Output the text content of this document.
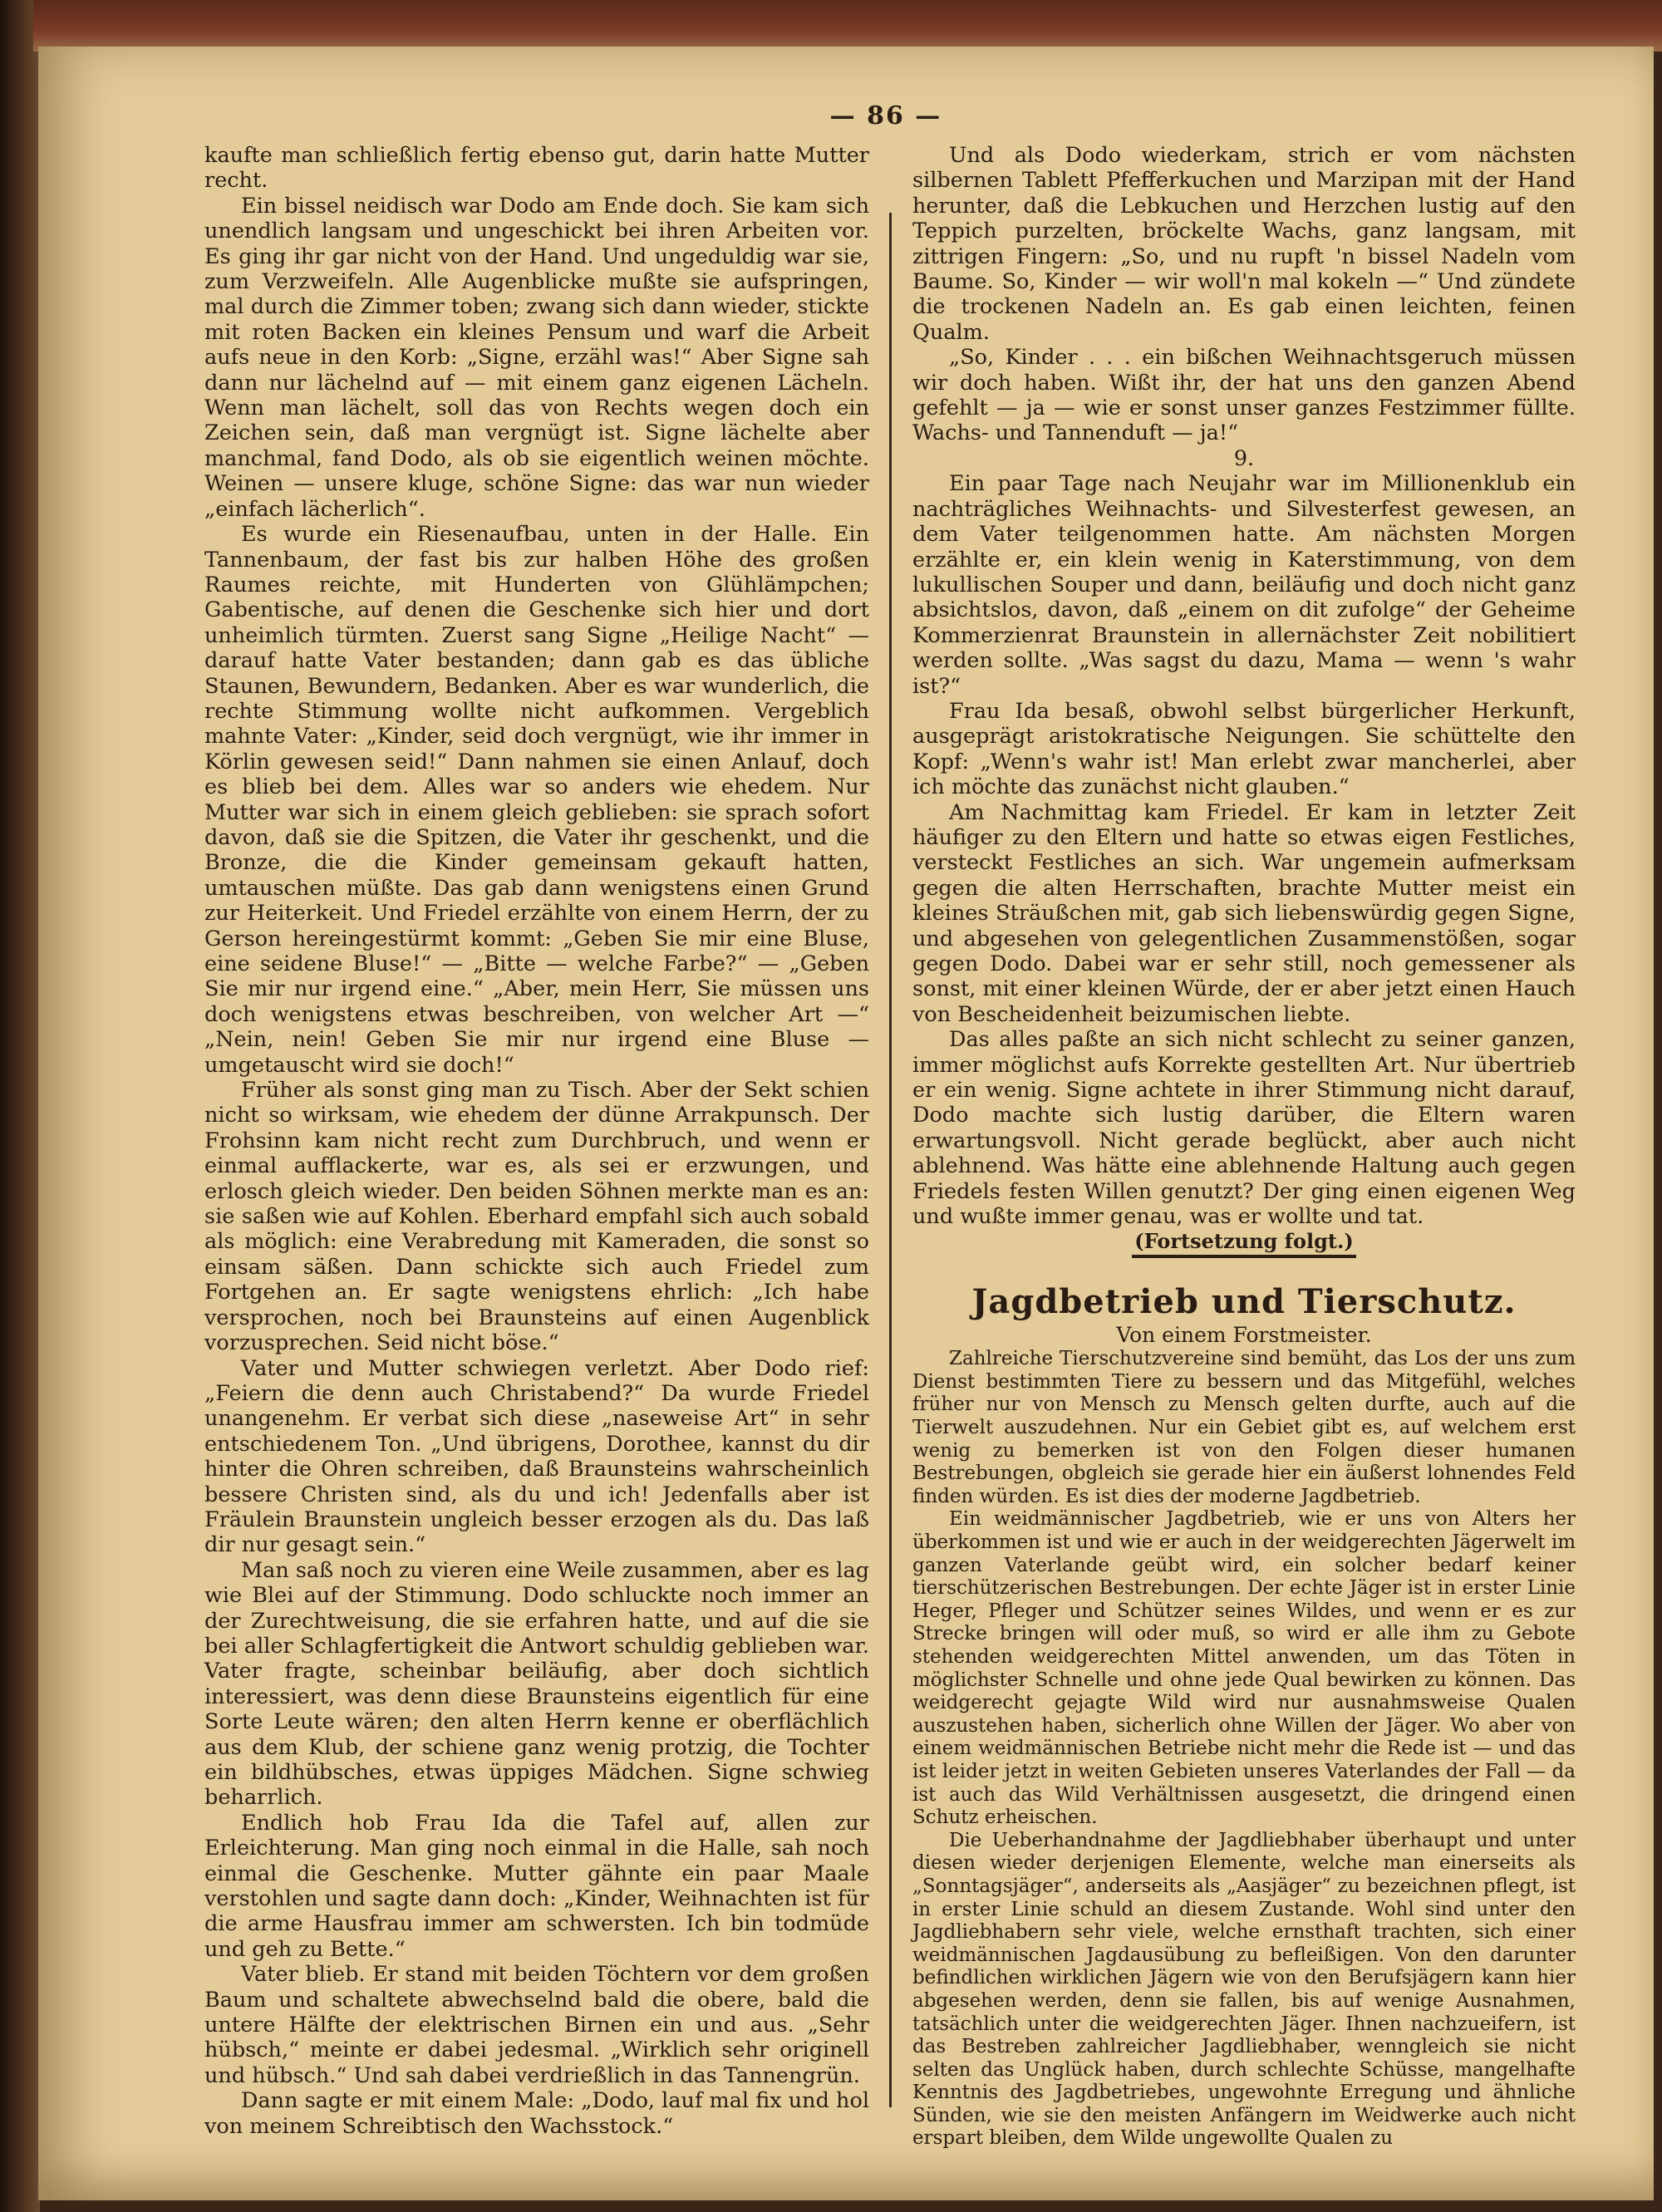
— 86 —

kaufte man schließlich fertig ebenso gut, darin hatte Mutter recht.

Ein bissel neidisch war Dodo am Ende doch. Sie kam sich unendlich langsam und ungeschickt bei ihren Arbeiten vor. Es ging ihr gar nicht von der Hand. Und ungeduldig war sie, zum Verzweifeln. Alle Augenblicke mußte sie aufspringen, mal durch die Zimmer toben; zwang sich dann wieder, stickte mit roten Backen ein kleines Pensum und warf die Arbeit aufs neue in den Korb: „Signe, erzähl was!“ Aber Signe sah dann nur lächelnd auf — mit einem ganz eigenen Lächeln. Wenn man lächelt, soll das von Rechts wegen doch ein Zeichen sein, daß man vergnügt ist. Signe lächelte aber manchmal, fand Dodo, als ob sie eigentlich weinen möchte. Weinen — unsere kluge, schöne Signe: das war nun wieder „einfach lächerlich“.

Es wurde ein Riesenaufbau, unten in der Halle. Ein Tannenbaum, der fast bis zur halben Höhe des großen Raumes reichte, mit Hunderten von Glühlämpchen; Gabentische, auf denen die Geschenke sich hier und dort unheimlich türmten. Zuerst sang Signe „Heilige Nacht“ — darauf hatte Vater bestanden; dann gab es das übliche Staunen, Bewundern, Bedanken. Aber es war wunderlich, die rechte Stimmung wollte nicht aufkommen. Vergeblich mahnte Vater: „Kinder, seid doch vergnügt, wie ihr immer in Körlin gewesen seid!“ Dann nahmen sie einen Anlauf, doch es blieb bei dem. Alles war so anders wie ehedem. Nur Mutter war sich in einem gleich geblieben: sie sprach sofort davon, daß sie die Spitzen, die Vater ihr geschenkt, und die Bronze, die die Kinder gemeinsam gekauft hatten, umtauschen müßte. Das gab dann wenigstens einen Grund zur Heiterkeit. Und Friedel erzählte von einem Herrn, der zu Gerson hereingestürmt kommt: „Geben Sie mir eine Bluse, eine seidene Bluse!“ — „Bitte — welche Farbe?“ — „Geben Sie mir nur irgend eine.“ „Aber, mein Herr, Sie müssen uns doch wenigstens etwas beschreiben, von welcher Art —“ „Nein, nein! Geben Sie mir nur irgend eine Bluse — umgetauscht wird sie doch!“

Früher als sonst ging man zu Tisch. Aber der Sekt schien nicht so wirksam, wie ehedem der dünne Arrakpunsch. Der Frohsinn kam nicht recht zum Durchbruch, und wenn er einmal aufflackerte, war es, als sei er erzwungen, und erlosch gleich wieder. Den beiden Söhnen merkte man es an: sie saßen wie auf Kohlen. Eberhard empfahl sich auch sobald als möglich: eine Verabredung mit Kameraden, die sonst so einsam säßen. Dann schickte sich auch Friedel zum Fortgehen an. Er sagte wenigstens ehrlich: „Ich habe versprochen, noch bei Braunsteins auf einen Augenblick vorzusprechen. Seid nicht böse.“

Vater und Mutter schwiegen verletzt. Aber Dodo rief: „Feiern die denn auch Christabend?“ Da wurde Friedel unangenehm. Er verbat sich diese „naseweise Art“ in sehr entschiedenem Ton. „Und übrigens, Dorothee, kannst du dir hinter die Ohren schreiben, daß Braunsteins wahrscheinlich bessere Christen sind, als du und ich! Jedenfalls aber ist Fräulein Braunstein ungleich besser erzogen als du. Das laß dir nur gesagt sein.“

Man saß noch zu vieren eine Weile zusammen, aber es lag wie Blei auf der Stimmung. Dodo schluckte noch immer an der Zurechtweisung, die sie erfahren hatte, und auf die sie bei aller Schlagfertigkeit die Antwort schuldig geblieben war. Vater fragte, scheinbar beiläufig, aber doch sichtlich interessiert, was denn diese Braunsteins eigentlich für eine Sorte Leute wären; den alten Herrn kenne er oberflächlich aus dem Klub, der schiene ganz wenig protzig, die Tochter ein bildhübsches, etwas üppiges Mädchen. Signe schwieg beharrlich.

Endlich hob Frau Ida die Tafel auf, allen zur Erleichterung. Man ging noch einmal in die Halle, sah noch einmal die Geschenke. Mutter gähnte ein paar Maale verstohlen und sagte dann doch: „Kinder, Weihnachten ist für die arme Hausfrau immer am schwersten. Ich bin todmüde und geh zu Bette.“

Vater blieb. Er stand mit beiden Töchtern vor dem großen Baum und schaltete abwechselnd bald die obere, bald die untere Hälfte der elektrischen Birnen ein und aus. „Sehr hübsch,“ meinte er dabei jedesmal. „Wirklich sehr originell und hübsch.“ Und sah dabei verdrießlich in das Tannengrün.

Dann sagte er mit einem Male: „Dodo, lauf mal fix und hol von meinem Schreibtisch den Wachsstock.“

Und als Dodo wiederkam, strich er vom nächsten silbernen Tablett Pfefferkuchen und Marzipan mit der Hand herunter, daß die Lebkuchen und Herzchen lustig auf den Teppich purzelten, bröckelte Wachs, ganz langsam, mit zittrigen Fingern: „So, und nu rupft 'n bissel Nadeln vom Baume. So, Kinder — wir woll'n mal kokeln —“ Und zündete die trockenen Nadeln an. Es gab einen leichten, feinen Qualm.

„So, Kinder . . . ein bißchen Weihnachtsgeruch müssen wir doch haben. Wißt ihr, der hat uns den ganzen Abend gefehlt — ja — wie er sonst unser ganzes Festzimmer füllte. Wachs- und Tannenduft — ja!“

9.

Ein paar Tage nach Neujahr war im Millionenklub ein nachträgliches Weihnachts- und Silvesterfest gewesen, an dem Vater teilgenommen hatte. Am nächsten Morgen erzählte er, ein klein wenig in Katerstimmung, von dem lukullischen Souper und dann, beiläufig und doch nicht ganz absichtslos, davon, daß „einem on dit zufolge“ der Geheime Kommerzienrat Braunstein in allernächster Zeit nobilitiert werden sollte. „Was sagst du dazu, Mama — wenn 's wahr ist?“

Frau Ida besaß, obwohl selbst bürgerlicher Herkunft, ausgeprägt aristokratische Neigungen. Sie schüttelte den Kopf: „Wenn's wahr ist! Man erlebt zwar mancherlei, aber ich möchte das zunächst nicht glauben.“

Am Nachmittag kam Friedel. Er kam in letzter Zeit häufiger zu den Eltern und hatte so etwas eigen Festliches, versteckt Festliches an sich. War ungemein aufmerksam gegen die alten Herrschaften, brachte Mutter meist ein kleines Sträußchen mit, gab sich liebenswürdig gegen Signe, und abgesehen von gelegentlichen Zusammenstößen, sogar gegen Dodo. Dabei war er sehr still, noch gemessener als sonst, mit einer kleinen Würde, der er aber jetzt einen Hauch von Bescheidenheit beizumischen liebte.

Das alles paßte an sich nicht schlecht zu seiner ganzen, immer möglichst aufs Korrekte gestellten Art. Nur übertrieb er ein wenig. Signe achtete in ihrer Stimmung nicht darauf, Dodo machte sich lustig darüber, die Eltern waren erwartungsvoll. Nicht gerade beglückt, aber auch nicht ablehnend. Was hätte eine ablehnende Haltung auch gegen Friedels festen Willen genutzt? Der ging einen eigenen Weg und wußte immer genau, was er wollte und tat.

(Fortsetzung folgt.)

Jagdbetrieb und Tierschutz.

Von einem Forstmeister.

Zahlreiche Tierschutzvereine sind bemüht, das Los der uns zum Dienst bestimmten Tiere zu bessern und das Mitgefühl, welches früher nur von Mensch zu Mensch gelten durfte, auch auf die Tierwelt auszudehnen. Nur ein Gebiet gibt es, auf welchem erst wenig zu bemerken ist von den Folgen dieser humanen Bestrebungen, obgleich sie gerade hier ein äußerst lohnendes Feld finden würden. Es ist dies der moderne Jagdbetrieb.

Ein weidmännischer Jagdbetrieb, wie er uns von Alters her überkommen ist und wie er auch in der weidgerechten Jägerwelt im ganzen Vaterlande geübt wird, ein solcher bedarf keiner tierschützerischen Bestrebungen. Der echte Jäger ist in erster Linie Heger, Pfleger und Schützer seines Wildes, und wenn er es zur Strecke bringen will oder muß, so wird er alle ihm zu Gebote stehenden weidgerechten Mittel anwenden, um das Töten in möglichster Schnelle und ohne jede Qual bewirken zu können. Das weidgerecht gejagte Wild wird nur ausnahmsweise Qualen auszustehen haben, sicherlich ohne Willen der Jäger. Wo aber von einem weidmännischen Betriebe nicht mehr die Rede ist — und das ist leider jetzt in weiten Gebieten unseres Vaterlandes der Fall — da ist auch das Wild Verhältnissen ausgesetzt, die dringend einen Schutz erheischen.

Die Ueberhandnahme der Jagdliebhaber überhaupt und unter diesen wieder derjenigen Elemente, welche man einerseits als „Sonntagsjäger“, anderseits als „Aasjäger“ zu bezeichnen pflegt, ist in erster Linie schuld an diesem Zustande. Wohl sind unter den Jagdliebhabern sehr viele, welche ernsthaft trachten, sich einer weidmännischen Jagdausübung zu befleißigen. Von den darunter befindlichen wirklichen Jägern wie von den Berufsjägern kann hier abgesehen werden, denn sie fallen, bis auf wenige Ausnahmen, tatsächlich unter die weidgerechten Jäger. Ihnen nachzueifern, ist das Bestreben zahlreicher Jagdliebhaber, wenngleich sie nicht selten das Unglück haben, durch schlechte Schüsse, mangelhafte Kenntnis des Jagdbetriebes, ungewohnte Erregung und ähnliche Sünden, wie sie den meisten Anfängern im Weidwerke auch nicht erspart bleiben, dem Wilde ungewollte Qualen zu
